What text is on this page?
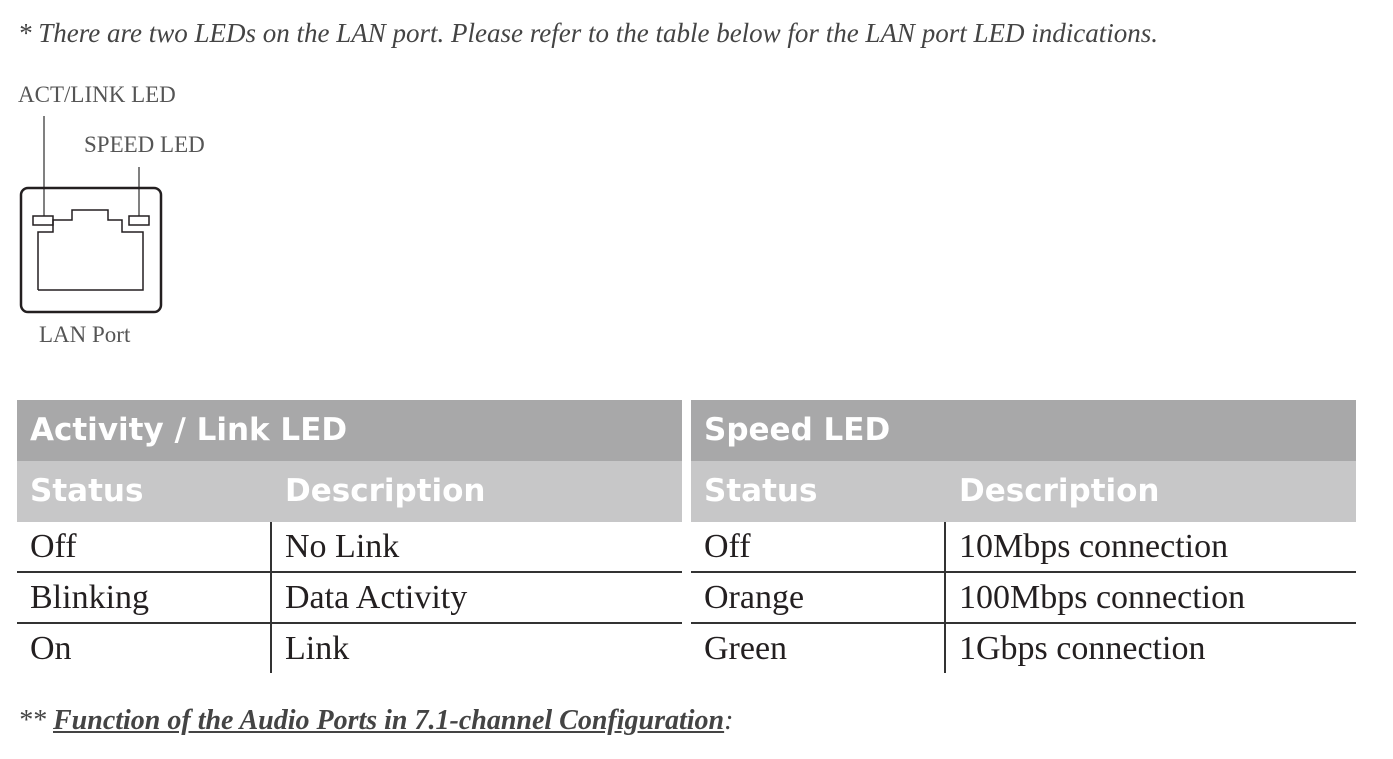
* There are two LEDs on the LAN port. Please refer to the table below for the LAN port LED indications.
ACT/LINK LED
SPEED LED
LAN Port
Activity / Link LED
Status	Description
Off	No Link
Blinking	Data Activity
On	Link
Speed LED
Status	Description
Off	10Mbps connection
Orange	100Mbps connection
Green	1Gbps connection
** Function of the Audio Ports in 7.1-channel Configuration:
